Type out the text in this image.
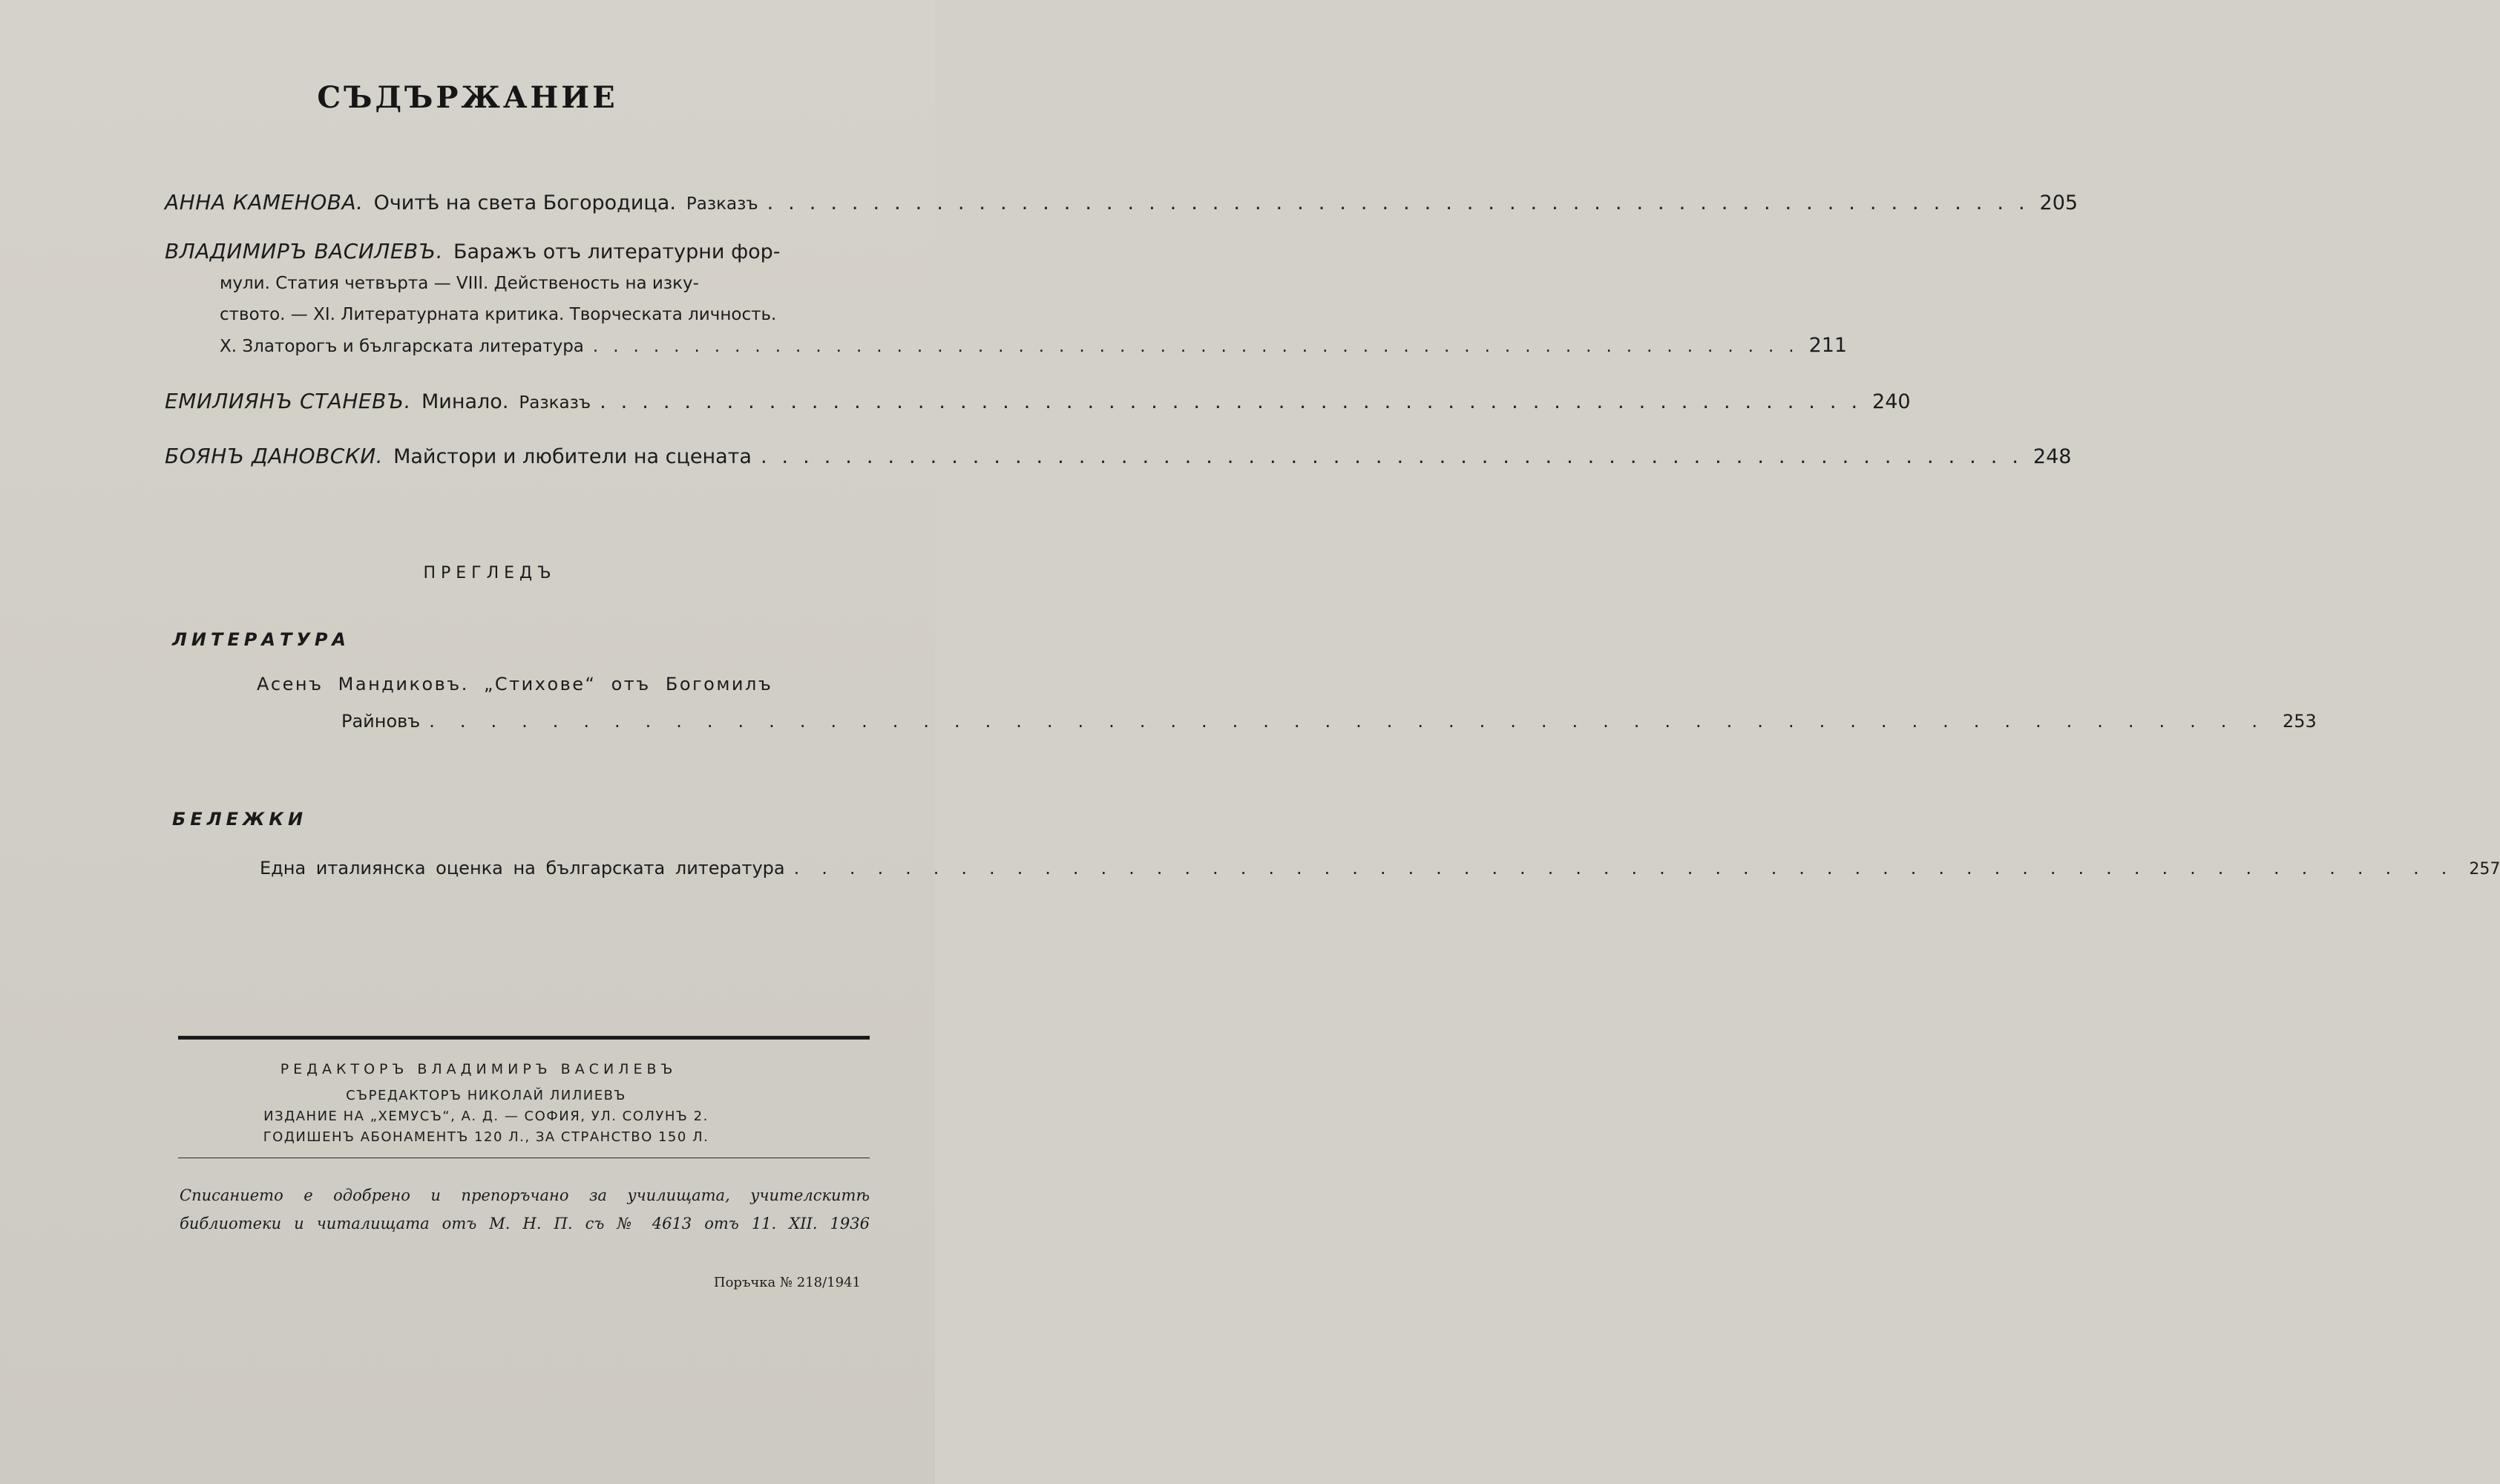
СЪДЪРЖАНИЕ
АННА КАМЕНОВА. Очитѣ на света Богородица. Разказъ ............................................................ 205
ВЛАДИМИРЪ ВАСИЛЕВЪ. Баражъ отъ литературни фор-
мули. Статия четвърта — VIII. Действеность на изку-
ството. — XI. Литературната критика. Творческата личность.
X. Златорогъ и българската литература ............................................................ 211
ЕМИЛИЯНЪ СТАНЕВЪ. Минало. Разказъ ............................................................ 240
БОЯНЪ ДАНОВСКИ. Майстори и любители на сцената ............................................................ 248
ПРЕГЛЕДЪ
ЛИТЕРАТУРА
Асенъ Мандиковъ. „Стихове“ отъ Богомилъ
Райновъ ............................................................ 253
БЕЛЕЖКИ
Една италиянска оценка на българската литература ............................................................ 257
РЕДАКТОРЪ ВЛАДИМИРЪ ВАСИЛЕВЪ
СЪРЕДАКТОРЪ НИКОЛАЙ ЛИЛИЕВЪ
ИЗДАНИЕ НА „ХЕМУСЪ“, А. Д. — СОФИЯ, УЛ. СОЛУНЪ 2.
ГОДИШЕНЪ АБОНАМЕНТЪ 120 Л., ЗА СТРАНСТВО 150 Л.
Списанието е одобрено и препоръчано за училищата, учителскитѣ
библиотеки и читалищата отъ М. Н. П. съ № 4613 отъ 11. XII. 1936
Поръчка № 218/1941
